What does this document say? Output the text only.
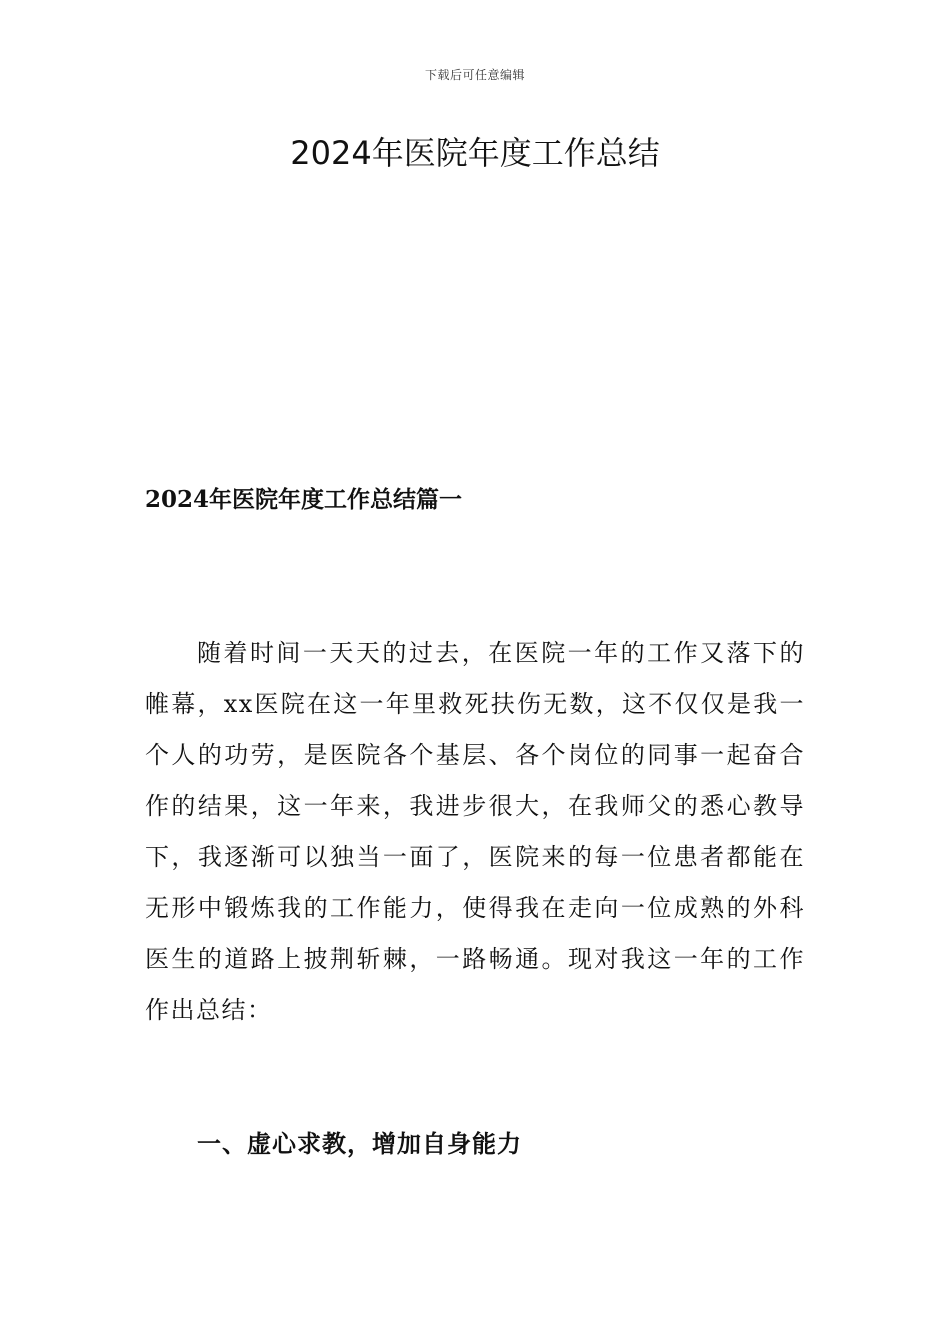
下载后可任意编辑
2024年医院年度工作总结
2024年医院年度工作总结篇一

随着时间一天天的过去，在医院一年的工作又落下的帷幕，xx医院在这一年里救死扶伤无数，这不仅仅是我一个人的功劳，是医院各个基层、各个岗位的同事一起奋合作的结果，这一年来，我进步很大，在我师父的悉心教导下，我逐渐可以独当一面了，医院来的每一位患者都能在无形中锻炼我的工作能力，使得我在走向一位成熟的外科医生的道路上披荆斩棘，一路畅通。现对我这一年的工作作出总结：

一、虚心求教，增加自身能力
